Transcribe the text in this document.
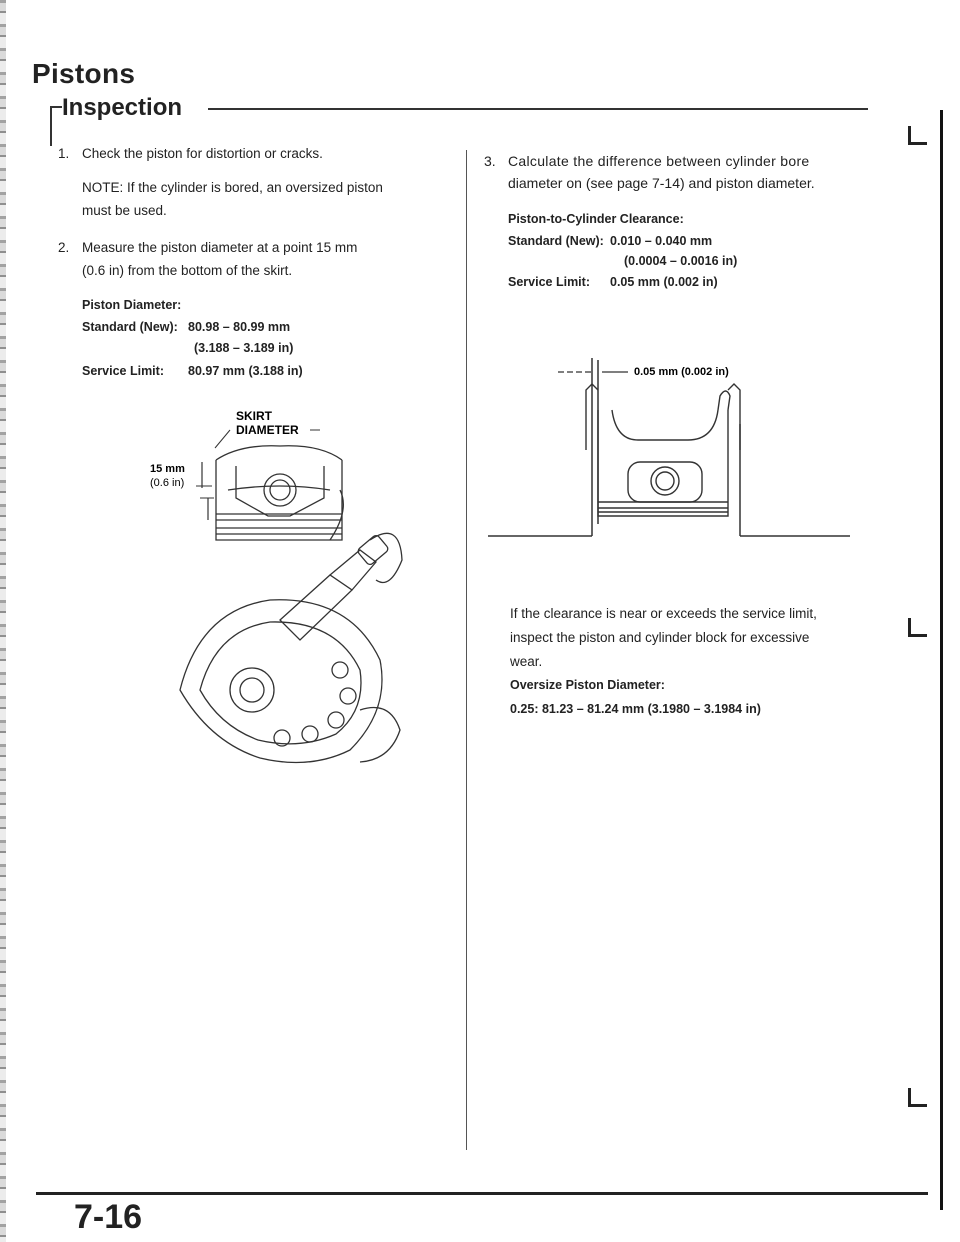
Pistons
Inspection
7-16
1. Check the piston for distortion or cracks.
NOTE: If the cylinder is bored, an oversized piston
must be used.
2. Measure the piston diameter at a point 15 mm
(0.6 in) from the bottom of the skirt.
Piston Diameter:
Standard (New): 80.98 – 80.99 mm
(3.188 – 3.189 in)
Service Limit: 80.97 mm (3.188 in)
SKIRT
DIAMETER
15 mm
(0.6 in)
3. Calculate the difference between cylinder bore
diameter on (see page 7-14) and piston diameter.
Piston-to-Cylinder Clearance:
Standard (New): 0.010 – 0.040 mm
(0.0004 – 0.0016 in)
Service Limit: 0.05 mm (0.002 in)
0.05 mm (0.002 in)
If the clearance is near or exceeds the service limit,
inspect the piston and cylinder block for excessive
wear.
Oversize Piston Diameter:
0.25: 81.23 – 81.24 mm (3.1980 – 3.1984 in)
